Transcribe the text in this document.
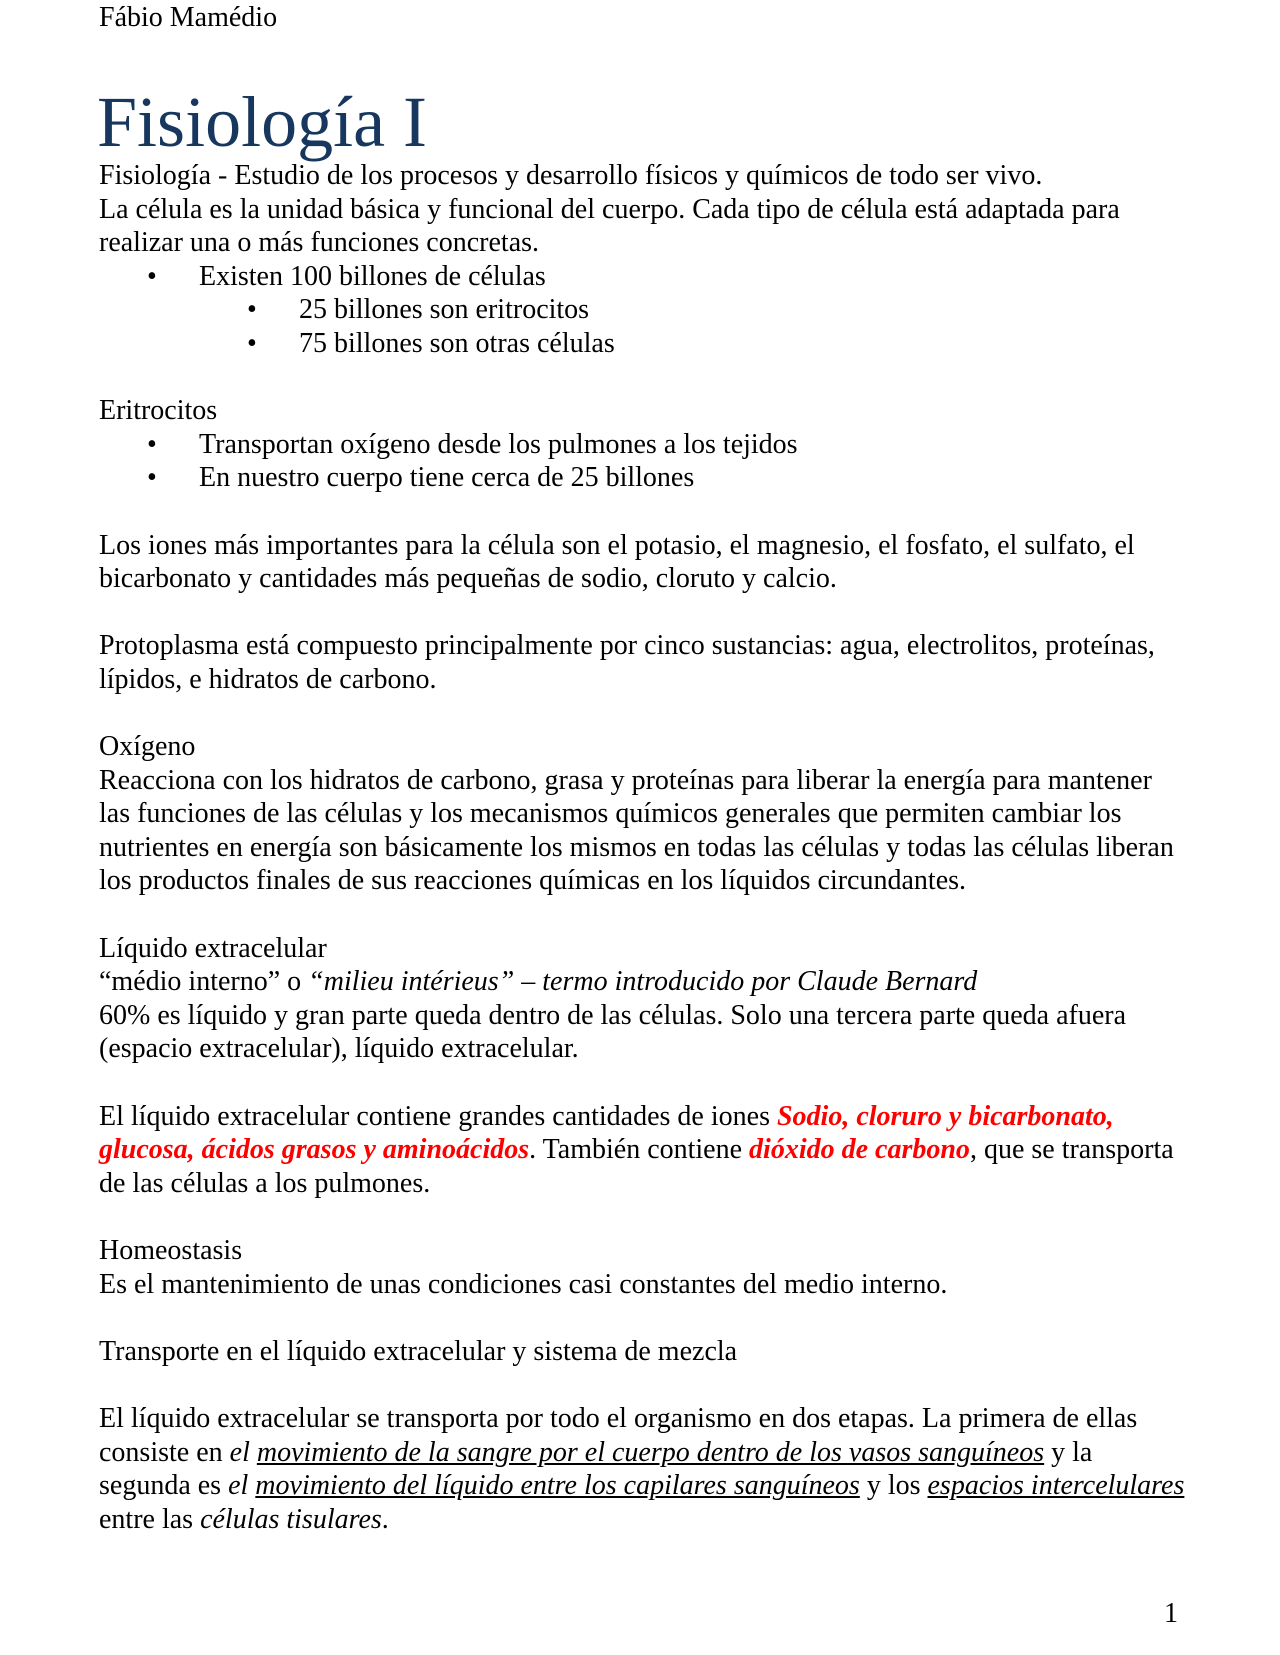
Fábio Mamédio
Fisiología I

Fisiología - Estudio de los procesos y desarrollo físicos y químicos de todo ser vivo.

La célula es la unidad básica y funcional del cuerpo. Cada tipo de célula está adaptada para realizar una o más funciones concretas.

• Existen 100 billones de células

• 25 billones son eritrocitos

• 75 billones son otras células

Eritrocitos

• Transportan oxígeno desde los pulmones a los tejidos

• En nuestro cuerpo tiene cerca de 25 billones

Los iones más importantes para la célula son el potasio, el magnesio, el fosfato, el sulfato, el bicarbonato y cantidades más pequeñas de sodio, cloruto y calcio.

Protoplasma está compuesto principalmente por cinco sustancias: agua, electrolitos, proteínas, lípidos, e hidratos de carbono.

Oxígeno

Reacciona con los hidratos de carbono, grasa y proteínas para liberar la energía para mantener las funciones de las células y los mecanismos químicos generales que permiten cambiar los nutrientes en energía son básicamente los mismos en todas las células y todas las células liberan los productos finales de sus reacciones químicas en los líquidos circundantes.

Líquido extracelular

“médio interno” o “milieu intérieus” – termo introducido por Claude Bernard

60% es líquido y gran parte queda dentro de las células. Solo una tercera parte queda afuera (espacio extracelular), líquido extracelular.

El líquido extracelular contiene grandes cantidades de iones Sodio, cloruro y bicarbonato, glucosa, ácidos grasos y aminoácidos. También contiene dióxido de carbono, que se transporta de las células a los pulmones.

Homeostasis

Es el mantenimiento de unas condiciones casi constantes del medio interno.

Transporte en el líquido extracelular y sistema de mezcla

El líquido extracelular se transporta por todo el organismo en dos etapas. La primera de ellas consiste en el movimiento de la sangre por el cuerpo dentro de los vasos sanguíneos y la segunda es el movimiento del líquido entre los capilares sanguíneos y los espacios intercelulares entre las células tisulares.

1
